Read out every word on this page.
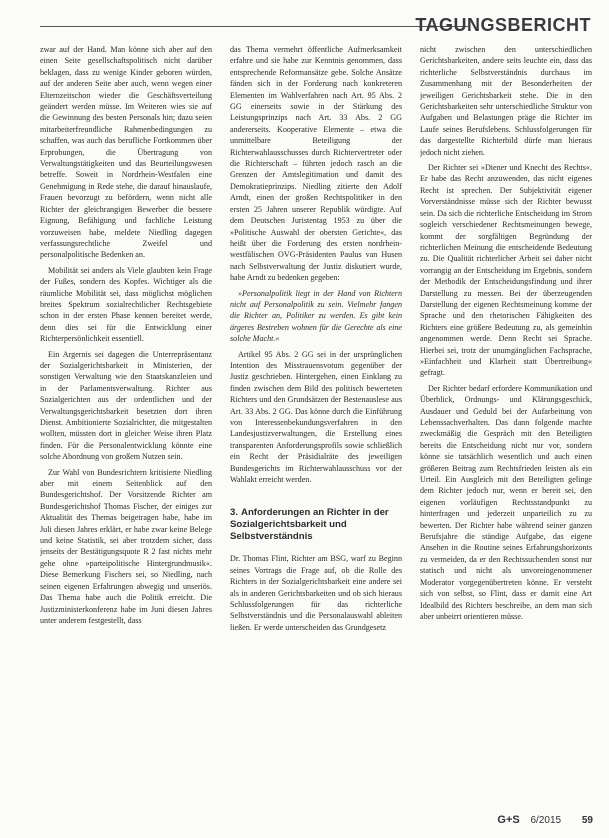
TAGUNGSBERICHT

zwar auf der Hand. Man könne sich aber auf den einen Seite gesellschaftspolitisch nicht darüber beklagen, dass zu wenige Kinder geboren würden, auf der anderen Seite aber auch, wenn wegen einer Elternzeitschon wieder die Geschäftsverteilung geändert werden müsse. Im Weiteren wies sie auf die Gewinnung des besten Personals hin; dazu seien mitarbeiterfreundliche Rahmenbedingungen zu schaffen, was auch das berufliche Fortkommen über Erprobungen, die Übertragung von Verwaltungstätigkeiten und das Beurteilungswesen betreffe. Soweit in Nordrhein-Westfalen eine Genehmigung in Rede stehe, die darauf hinauslaufe, Frauen bevorzugt zu befördern, wenn nicht alle Richter der gleichrangigen Bewerber die bessere Eignung, Befähigung und fachliche Leistung vorzuweisen habe, meldete Niedling dagegen verfassungsrechtliche Zweifel und personalpolitische Bedenken an.

Mobilität sei anders als Viele glaubten kein Frage der Fußes, sondern des Kopfes. Wichtiger als die räumliche Mobilität sei, dass möglichst möglichen breites Spektrum sozialrechtlicher Rechtsgebiete schon in der ersten Phase kennen bereitet werde, denn dies sei für die Entwicklung einer Richterpersönlichkeit essentiell.

Ein Argernis sei dagegen die Unterrepräsentanz der Sozialgerichtsbarkeit in Ministerien, der sonstigen Verwaltung wie den Staatskanzleien und in der Parlamentsverwaltung. Richter aus Sozialgerichten aus der ordentlichen und der Verwaltungsgerichtsbarkeit besetzten dort ihren Dienst. Ambitionierte Sozialrichter, die mitgestalten wollten, müssten dort in gleicher Weise ihren Platz finden. Für die Personalentwicklung könnte eine solche Abordnung von großem Nutzen sein.

Zur Wahl von Bundesrichtern kritisierte Niedling aber mit einem Seitenblick auf den Bundesgerichtshof. Der Vorsitzende Richter am Bundesgerichtshof Thomas Fischer, der einiges zur Aktualität des Themas beigetragen habe, habe im Juli diesen Jahres erklärt, er habe zwar keine Belege und keine Statistik, sei aber trotzdem sicher, dass jenseits der Bestätigungsquote R 2 fast nichts mehr gehe ohne »parteipolitische Hintergrundmusik«. Diese Bemerkung Fischers sei, so Niedling, nach seinen eigenen Erfahrungen abwegig und unseriös. Das Thema habe auch die Politik erreicht. Die Justizministerkonferenz habe im Juni diesen Jahres unter anderem festgestellt, dass

das Thema vermehrt öffentliche Aufmerksamkeit erfahre und sie habe zur Kenntnis genommen, dass entsprechende Reformansätze gebe. Solche Ansätze fänden sich in der Forderung nach konkreteren Elementen im Wahlverfahren nach Art. 95 Abs. 2 GG einerseits sowie in der Stärkung des Leistungsprinzips nach Art. 33 Abs. 2 GG andererseits. Kooperative Elemente – etwa die unmittelbare Beteiligung der Richterwahlausschusses durch Richtervertreter oder die Richterschaft – führten jedoch rasch an die Grenzen der Amtslegitimation und damit des Demokratieprinzips. Niedling zitierte den Adolf Arndt, einen der großen Rechtspolitiker in den ersten 25 Jahren unserer Republik würdigte. Auf dem Deutschen Juristentag 1953 zu über die »Politische Auswahl der obersten Gerichte«, das heißt über die Forderung des ersten nordrhein-westfälischen OVG-Präsidenten Paulus van Husen nach Selbstverwaltung der Justiz diskutiert wurde, habe Arndt zu bedenken gegeben:

»Personalpolitik liegt in der Hand von Richtern nicht auf Personalpolitik zu sein. Vielmehr fangen die Richter an, Politiker zu werden. Es gibt kein ärgeres Bestreben wohnen für die Gerechte als eine solche Macht.«

Artikel 95 Abs. 2 GG sei in der ursprünglichen Intention des Misstrauensvotum gegenüber der Justiz geschrieben. Hintergehen, einen Einklang zu finden zwischen dem Bild des politisch bewerteten Richters und den Grundsätzen der Bestenauslese aus Art. 33 Abs. 2 GG. Das könne durch die Einführung von Interessenbekundungsverfahren in den Landesjustizverwaltungen, die Erstellung eines transparenten Anforderungsprofils sowie schließlich ein Recht der Präsidialräte des jeweiligen Bundesgerichts im Richterwahlausschuss vor der Wahlakt erreicht werden.

3. Anforderungen an Richter in der Sozialgerichtsbarkeit und Selbstverständnis

Dr. Thomas Flint, Richter am BSG, warf zu Beginn seines Vortrags die Frage auf, ob die Rolle des Richters in der Sozialgerichtsbarkeit eine andere sei als in anderen Gerichtsbarkeiten und ob sich hieraus Schlussfolgerungen für das richterliche Selbstverständnis und die Personalauswahl ableiten ließen. Er werde unterscheiden das Grundgesetz

nicht zwischen den unterschiedlichen Gerichtsbarkeiten, andere seits leuchte ein, dass das richterliche Selbstverständnis durchaus im Zusammenhang mit der Besonderheiten der jeweiligen Gerichtsbarkeit stehe. Die in den Gerichtsbarkeiten sehr unterschiedliche Struktur von Aufgaben und Belastungen präge die Richter im Laufe seines Berufslebens. Schlussfolgerungen für das dargestellte Richterbild dürfe man hieraus jedoch nicht ziehen.

Der Richter sei »Diener und Knecht des Rechts«. Er habe das Recht anzuwenden, das nicht eigenes Recht ist sprechen. Der Subjektivität eigener Vorverständnisse müsse sich der Richter bewusst sein. Da sich die richterliche Entscheidung im Strom sogleich verschiedener Rechtsmeinungen bewege, kommt der sorgfältigen Begründung der richterlichen Meinung die entscheidende Bedeutung zu. Die Qualität richterlicher Arbeit sei daher nicht vorrangig an der Entscheidung im Ergebnis, sondern der Methodik der Entscheidungsfindung und ihrer Darstellung zu messen. Bei der überzeugenden Darstellung der eigenen Rechtsmeinung komme der Sprache und den rhetorischen Fähigkeiten des Richters eine größere Bedeutung zu, als gemeinhin angenommen werde. Denn Recht sei Sprache. Hierbei sei, trotz der unumgänglichen Fachsprache, »Einfachheit und Klarheit statt Übertreibung« gefragt.

Der Richter bedarf erfordere Kommunikation und Überblick, Ordnungs- und Klärungsgeschick, Ausdauer und Geduld bei der Aufarbeitung von Lebenssachverhalten. Das dann folgende machte zweckmäßig die Gespräch mit den Beteiligten bereits die Entscheidung nicht nur vor, sondern könne sie tatsächlich wesentlich und auch einen größeren Beitrag zum Rechtsfrieden leisten als ein Urteil. Ein Ausgleich mit den Beteiligten gelinge dem Richter jedoch nur, wenn er bereit sei, den eigenen vorläufigen Rechtsstandpunkt zu hinterfragen und jederzeit unparteilich zu zu bewerten. Der Richter habe während seiner ganzen Berufsjahre die ständige Aufgabe, das eigene Ansehen in die Routine seines Erfahrungshorizonts zu vermeiden, da er den Rechtssuchenden sonst nur statisch und nicht als unvoreingenommener Moderator vorgegenübertreten könne. Er versteht sich von selbst, so Flint, dass er damit eine Art Idealbild des Richters beschreibe, an dem man sich aber unbeirrt orientieren müsse.

G+S 6/2015 59
